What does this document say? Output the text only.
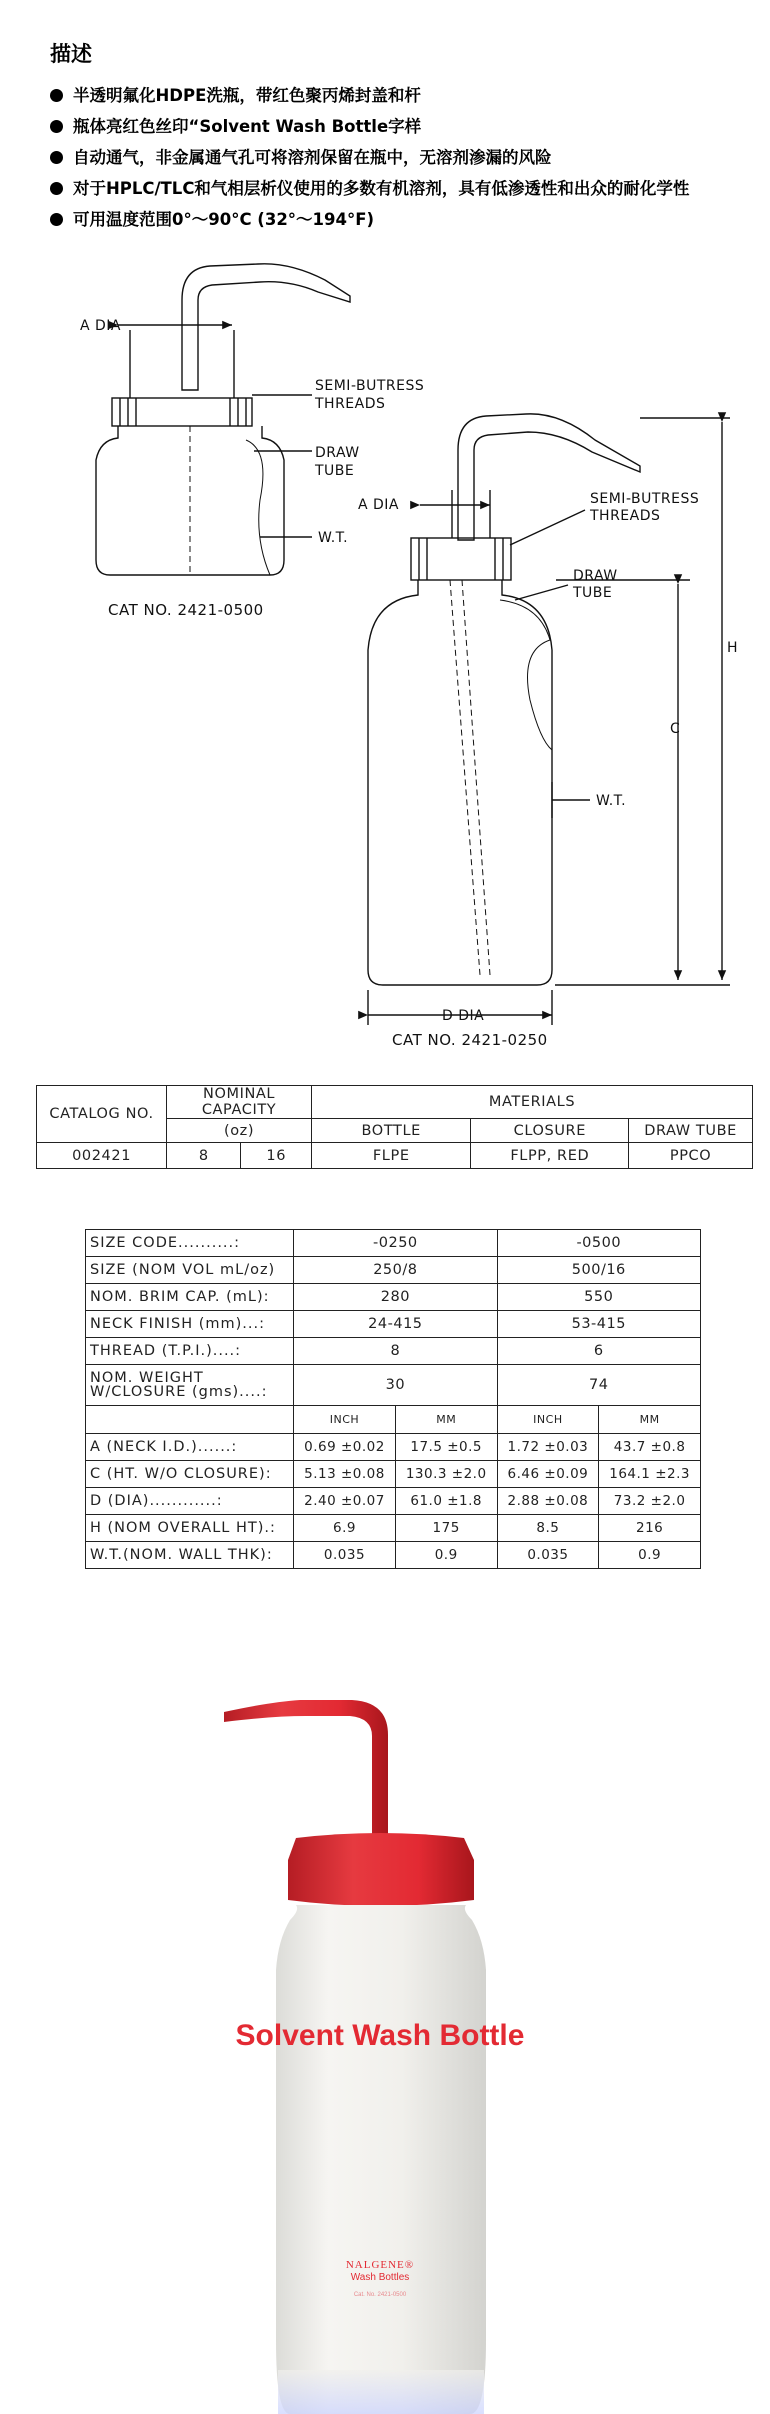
描述
半透明氟化HDPE洗瓶，带红色聚丙烯封盖和杆
瓶体亮红色丝印“Solvent Wash Bottle字样
自动通气，非金属通气孔可将溶剂保留在瓶中，无溶剂渗漏的风险
对于HPLC/TLC和气相层析仪使用的多数有机溶剂，具有低渗透性和出众的耐化学性
可用温度范围0°～90°C (32°～194°F)
A DIA
SEMI-BUTRESS
THREADS
DRAW
TUBE
W.T.
CAT NO. 2421-0500
A DIA	SEMI-BUTRESS
THREADS
DRAW
TUBE
W.T.
H
C
D DIA
CAT NO. 2421-0250
CATALOG NO.	NOMINAL CAPACITY		MATERIALS		
	(oz)		BOTTLE	CLOSURE	DRAW TUBE
002421	8	16	FLPE	FLPP, RED	PPCO
SIZE CODE..........:	-0250		-0500	
SIZE (NOM VOL mL/oz)	250/8		500/16	
NOM. BRIM CAP. (mL):	280		550	
NECK FINISH (mm)...:	24-415		53-415	
THREAD (T.P.I.)....:	8		6	
NOM. WEIGHT
W/CLOSURE (gms)....:	30		74	
	INCH	MM	INCH	MM
A (NECK I.D.)......:	0.69 ±0.02	17.5 ±0.5	1.72 ±0.03	43.7 ±0.8
C (HT. W/O CLOSURE):	5.13 ±0.08	130.3 ±2.0	6.46 ±0.09	164.1 ±2.3
D (DIA)............:	2.40 ±0.07	61.0 ±1.8	2.88 ±0.08	73.2 ±2.0
H (NOM OVERALL HT).:	6.9	175	8.5	216
W.T.(NOM. WALL THK):	0.035	0.9	0.035	0.9
Solvent Wash Bottle
NALGENE®
Wash Bottles
Cat. No. 2421-0500
